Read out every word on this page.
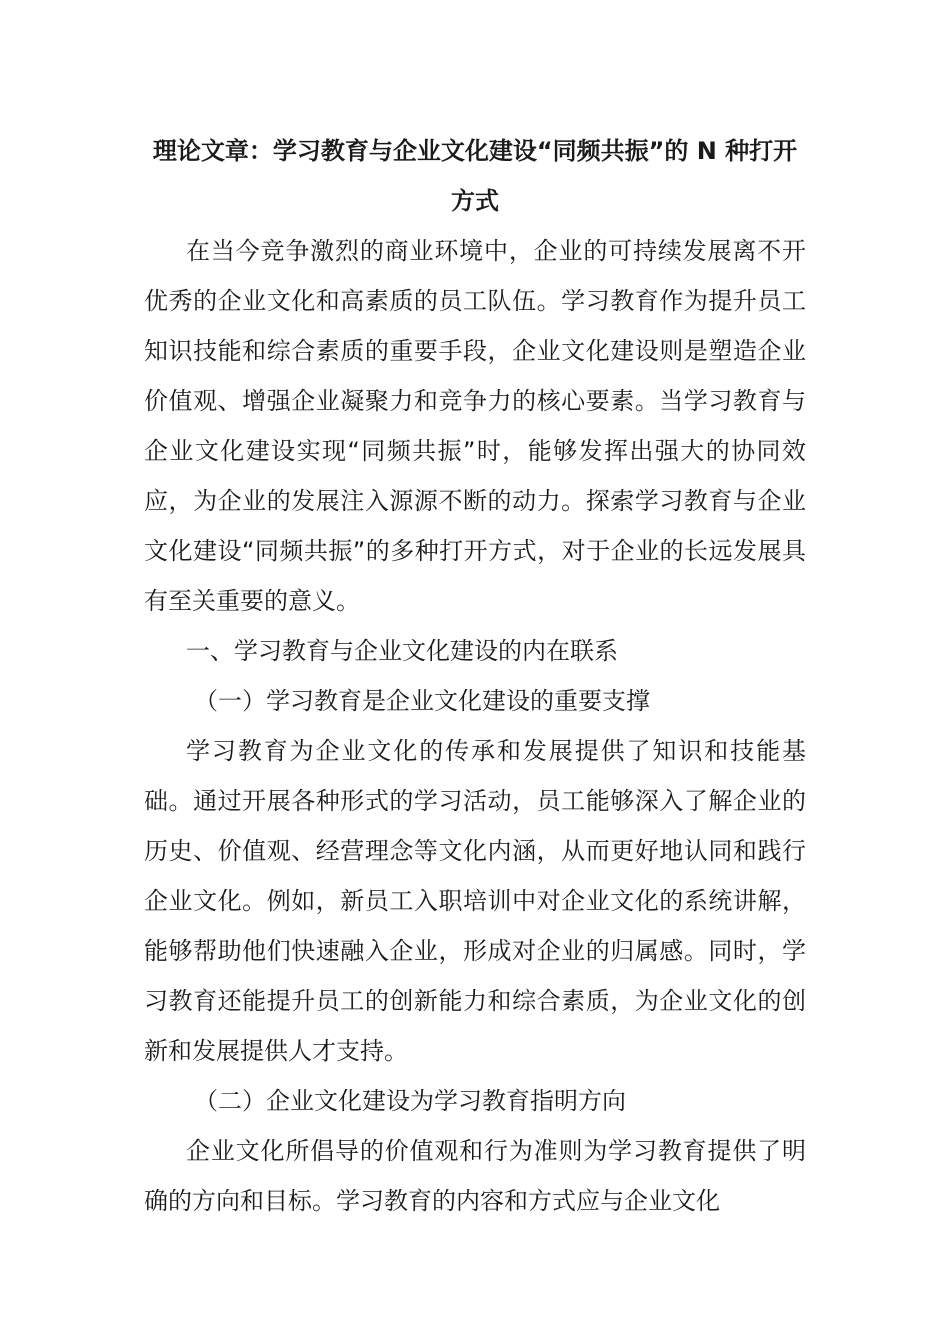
理论文章：学习教育与企业文化建设“同频共振”的 N 种打开方式

在当今竞争激烈的商业环境中，企业的可持续发展离不开优秀的企业文化和高素质的员工队伍。学习教育作为提升员工知识技能和综合素质的重要手段，企业文化建设则是塑造企业价值观、增强企业凝聚力和竞争力的核心要素。当学习教育与企业文化建设实现“同频共振”时，能够发挥出强大的协同效应，为企业的发展注入源源不断的动力。探索学习教育与企业文化建设“同频共振”的多种打开方式，对于企业的长远发展具有至关重要的意义。

一、学习教育与企业文化建设的内在联系

（一）学习教育是企业文化建设的重要支撑

学习教育为企业文化的传承和发展提供了知识和技能基础。通过开展各种形式的学习活动，员工能够深入了解企业的历史、价值观、经营理念等文化内涵，从而更好地认同和践行企业文化。例如，新员工入职培训中对企业文化的系统讲解，能够帮助他们快速融入企业，形成对企业的归属感。同时，学习教育还能提升员工的创新能力和综合素质，为企业文化的创新和发展提供人才支持。

（二）企业文化建设为学习教育指明方向

企业文化所倡导的价值观和行为准则为学习教育提供了明确的方向和目标。学习教育的内容和方式应与企业文化
